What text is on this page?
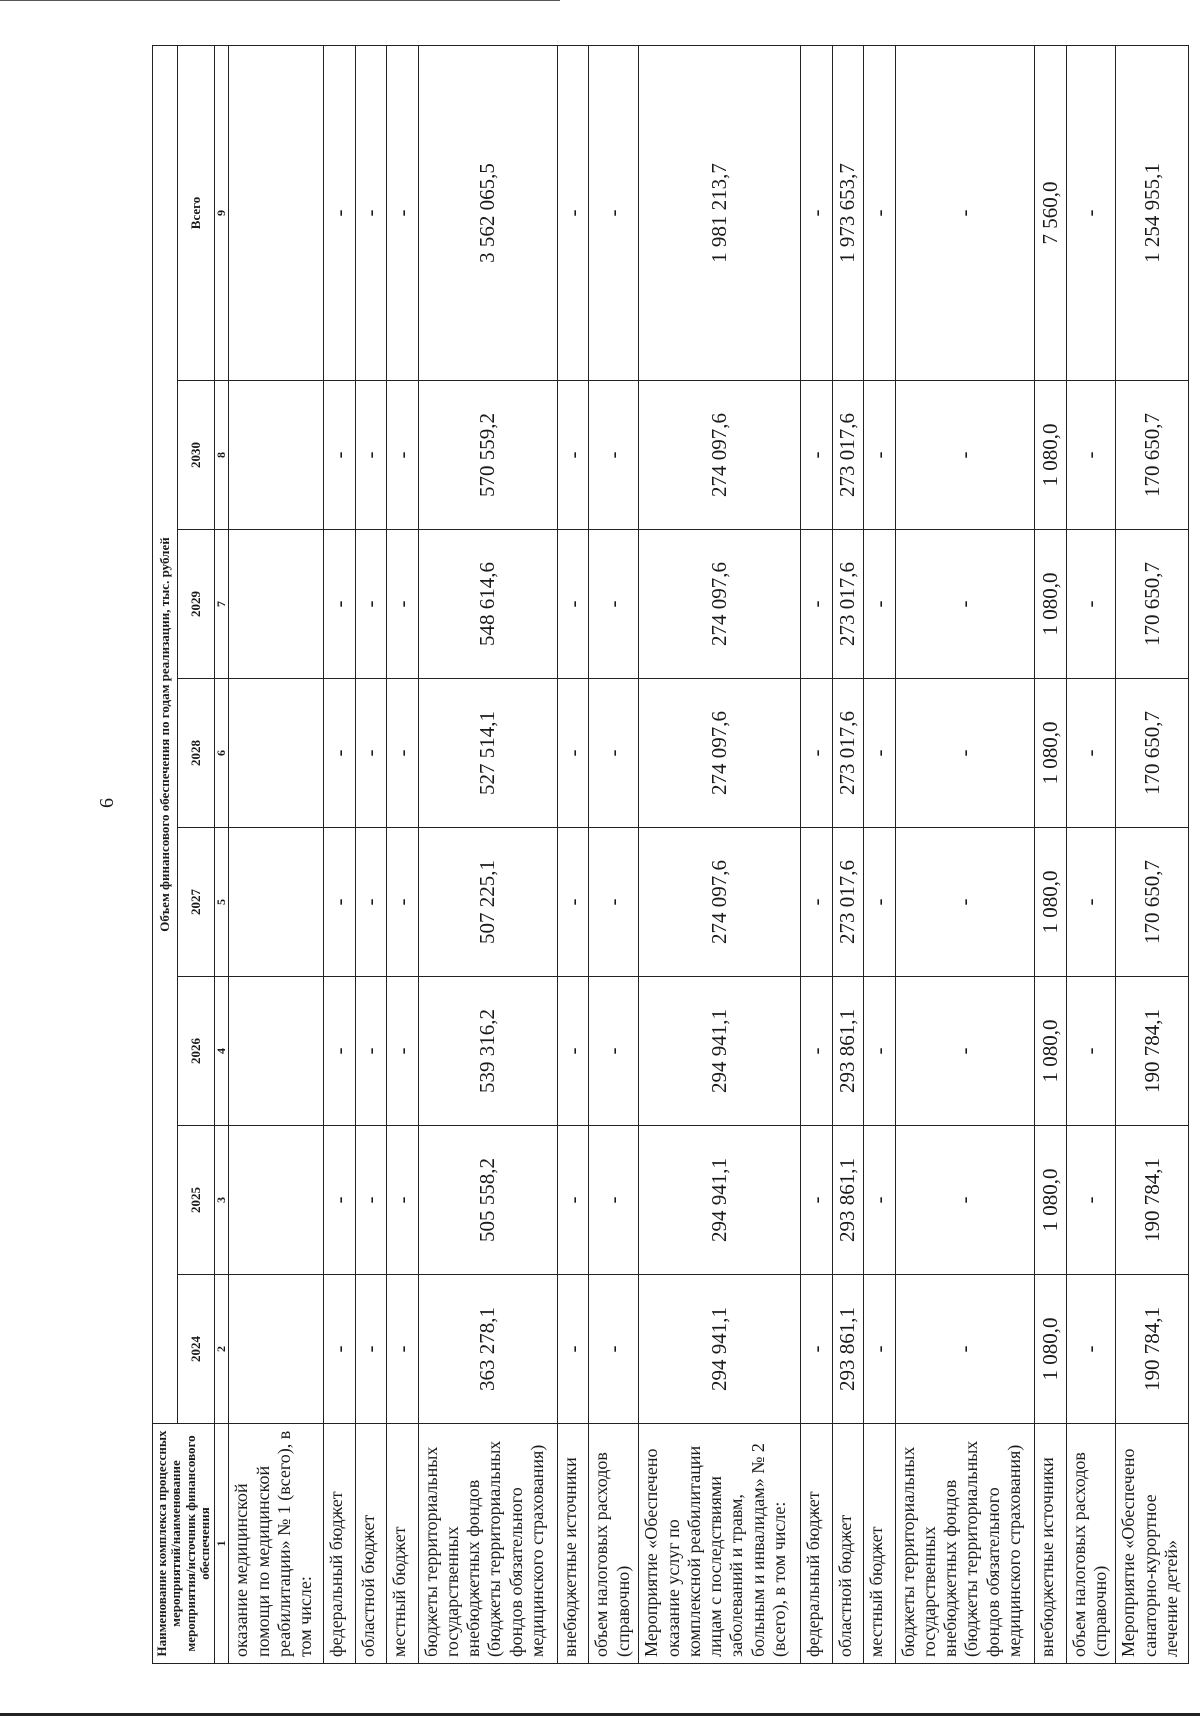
6
Наименование комплекса процессных мероприятий/наименование мероприятия/источник финансового обеспечения	Объем финансового обеспечения по годам реализации, тыс. рублей							
	2024	2025	2026	2027	2028	2029	2030	Всего
1	2	3	4	5	6	7	8	9
оказание медицинской помощи по медицинской реабилитации» № 1 (всего), в том числе:								
федеральный бюджет	-	-	-	-	-	-	-	-
областной бюджет	-	-	-	-	-	-	-	-
местный бюджет	-	-	-	-	-	-	-	-
бюджеты территориальных государственных внебюджетных фондов (бюджеты территориальных фондов обязательного медицинского страхования)	363 278,1	505 558,2	539 316,2	507 225,1	527 514,1	548 614,6	570 559,2	3 562 065,5
внебюджетные источники	-	-	-	-	-	-	-	-
объем налоговых расходов (справочно)	-	-	-	-	-	-	-	-
Мероприятие «Обеспечено оказание услуг по комплексной реабилитации лицам с последствиями заболеваний и травм, больным и инвалидам» № 2 (всего), в том числе:	294 941,1	294 941,1	294 941,1	274 097,6	274 097,6	274 097,6	274 097,6	1 981 213,7
федеральный бюджет	-	-	-	-	-	-	-	-
областной бюджет	293 861,1	293 861,1	293 861,1	273 017,6	273 017,6	273 017,6	273 017,6	1 973 653,7
местный бюджет	-	-	-	-	-	-	-	-
бюджеты территориальных государственных внебюджетных фондов (бюджеты территориальных фондов обязательного медицинского страхования)	-	-	-	-	-	-	-	-
внебюджетные источники	1 080,0	1 080,0	1 080,0	1 080,0	1 080,0	1 080,0	1 080,0	7 560,0
объем налоговых расходов (справочно)	-	-	-	-	-	-	-	-
Мероприятие «Обеспечено санаторно-курортное лечение детей»	190 784,1	190 784,1	190 784,1	170 650,7	170 650,7	170 650,7	170 650,7	1 254 955,1
